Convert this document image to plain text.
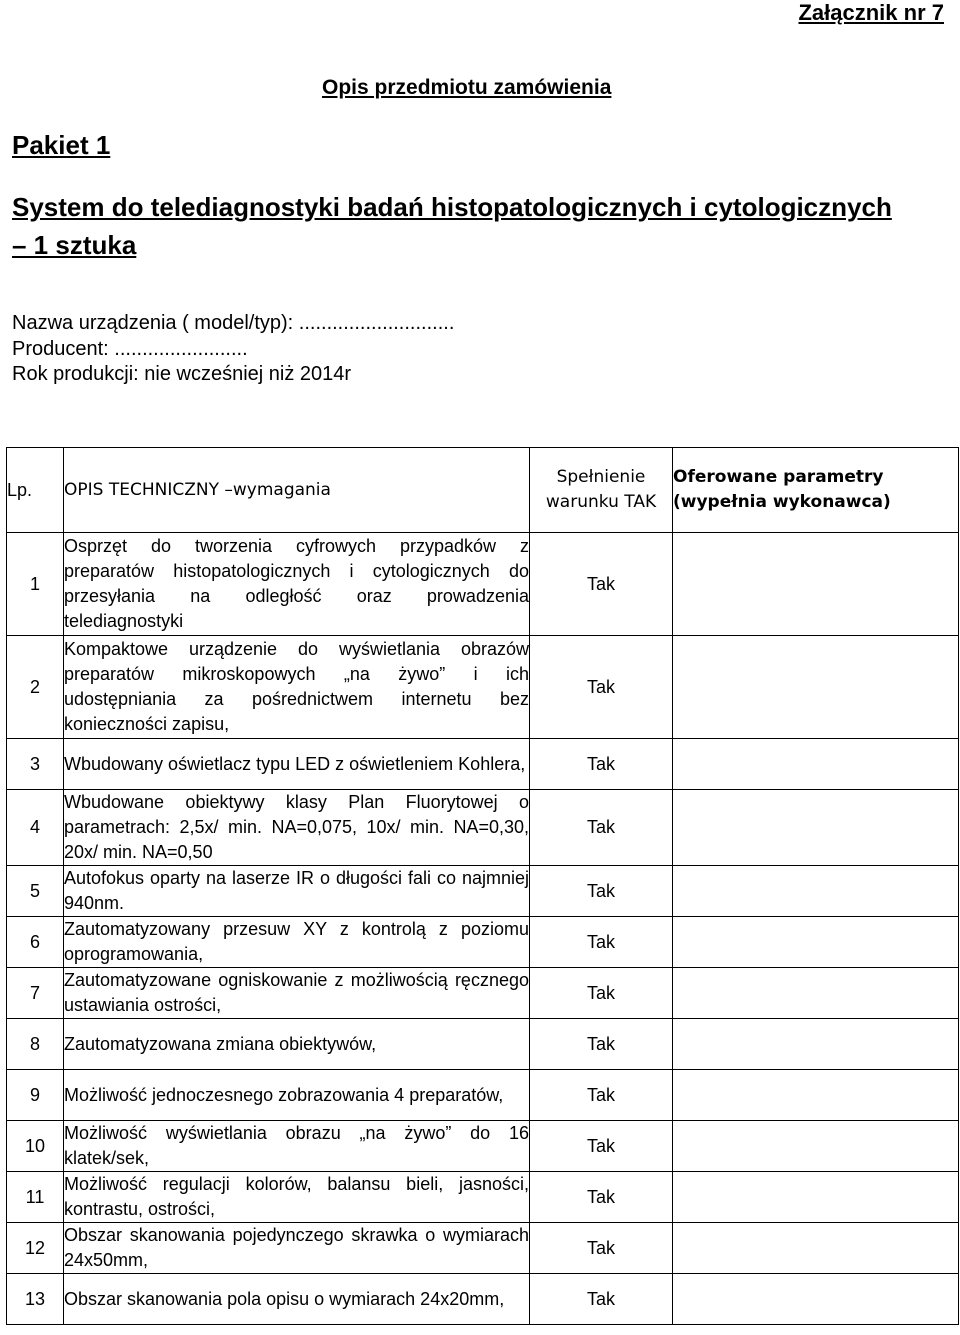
Załącznik nr 7
Opis przedmiotu zamówienia
Pakiet 1
System do telediagnostyki badań histopatologicznych i cytologicznych – 1 sztuka
Nazwa urządzenia ( model/typ): ............................
Producent: ........................
Rok produkcji: nie wcześniej niż 2014r
Lp.	OPIS TECHNICZNY –wymagania	Spełnienie warunku TAK	Oferowane parametry (wypełnia wykonawca)
1	Osprzęt do tworzenia cyfrowych przypadków z preparatów histopatologicznych i cytologicznych do przesyłania na odległość oraz prowadzenia telediagnostyki	Tak	
2	Kompaktowe urządzenie do wyświetlania obrazów preparatów mikroskopowych „na żywo” i ich udostępniania za pośrednictwem internetu bez konieczności zapisu,	Tak	
3	Wbudowany oświetlacz typu LED z oświetleniem Kohlera,	Tak	
4	Wbudowane obiektywy klasy Plan Fluorytowej o parametrach: 2,5x/ min. NA=0,075, 10x/ min. NA=0,30, 20x/ min. NA=0,50	Tak	
5	Autofokus oparty na laserze IR o długości fali co najmniej 940nm.	Tak	
6	Zautomatyzowany przesuw XY z kontrolą z poziomu oprogramowania,	Tak	
7	Zautomatyzowane ogniskowanie z możliwością ręcznego ustawiania ostrości,	Tak	
8	Zautomatyzowana zmiana obiektywów,	Tak	
9	Możliwość jednoczesnego zobrazowania 4 preparatów,	Tak	
10	Możliwość wyświetlania obrazu „na żywo” do 16 klatek/sek,	Tak	
11	Możliwość regulacji kolorów, balansu bieli, jasności, kontrastu, ostrości,	Tak	
12	Obszar skanowania pojedynczego skrawka o wymiarach 24x50mm,	Tak	
13	Obszar skanowania pola opisu o wymiarach 24x20mm,	Tak	
